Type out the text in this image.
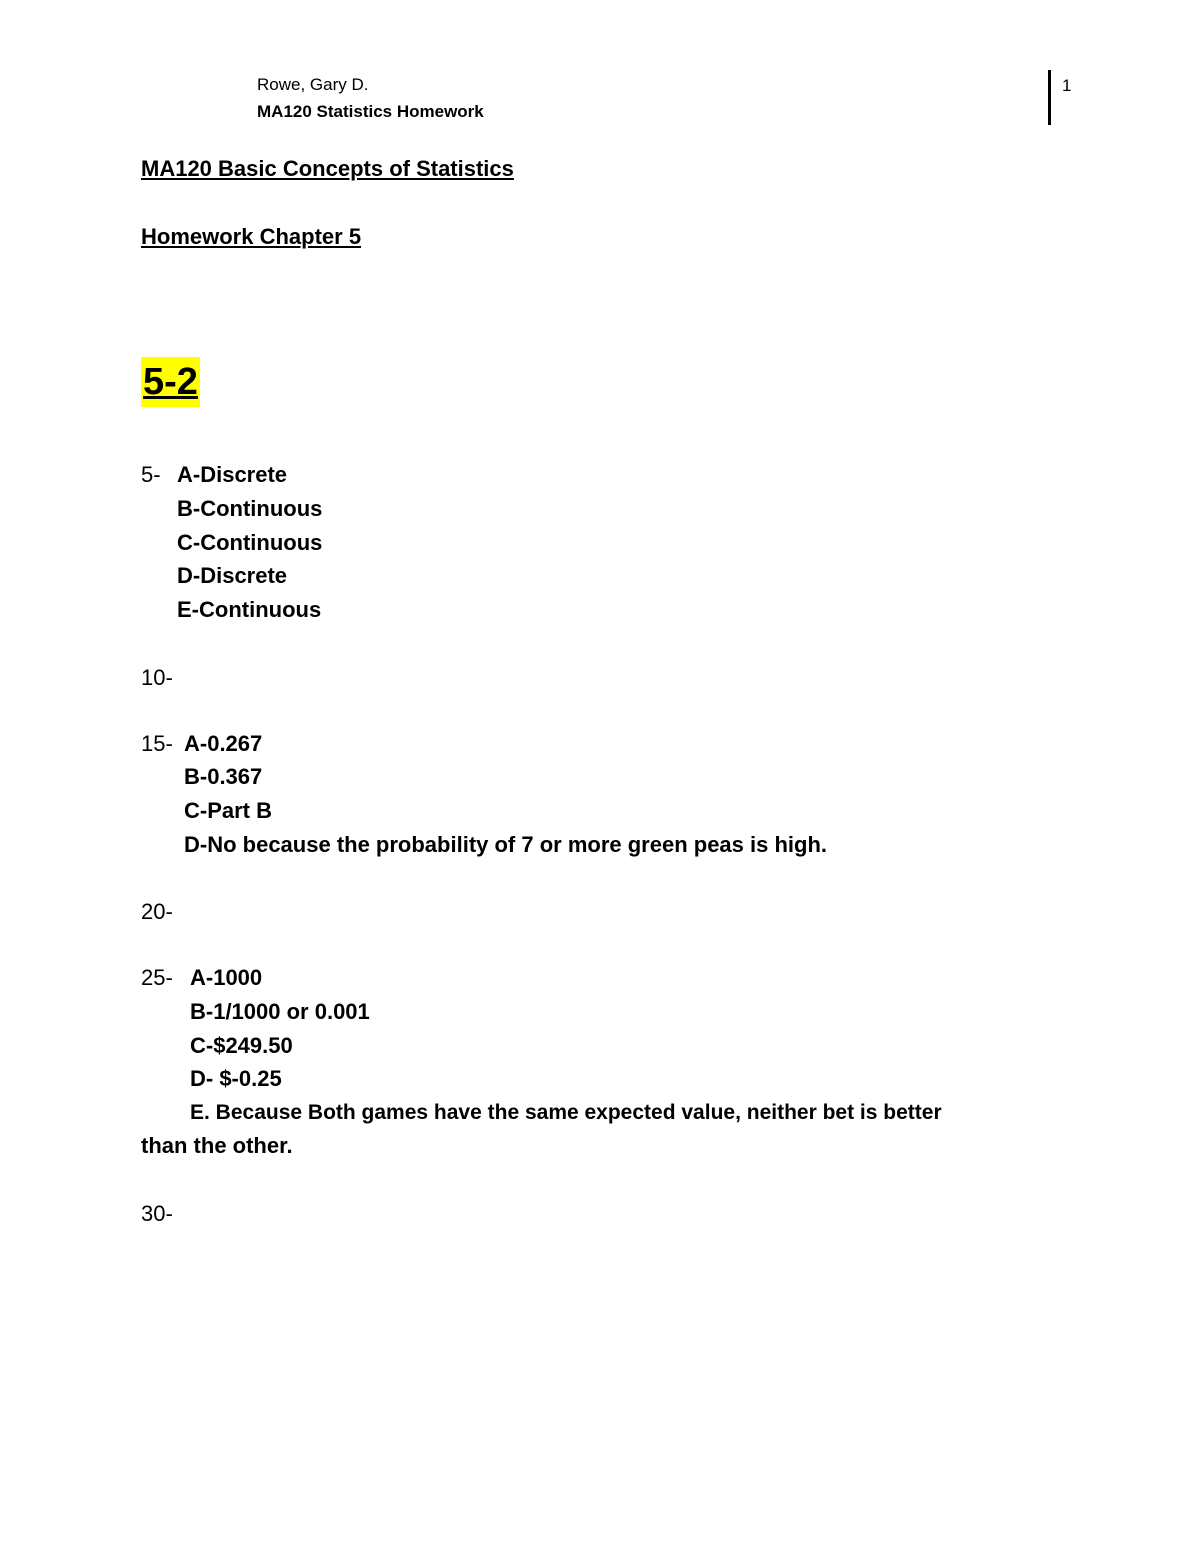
Rowe, Gary D.
MA120 Statistics Homework
1
MA120 Basic Concepts of Statistics
Homework Chapter 5
5-2
5- A-Discrete
B-Continuous
C-Continuous
D-Discrete
E-Continuous
10-
15- A-0.267
B-0.367
C-Part B
D-No because the probability of 7 or more green peas is high.
20-
25- A-1000
B-1/1000 or 0.001
C-$249.50
D- $-0.25
E. Because Both games have the same expected value, neither bet is better
than the other.
30-
